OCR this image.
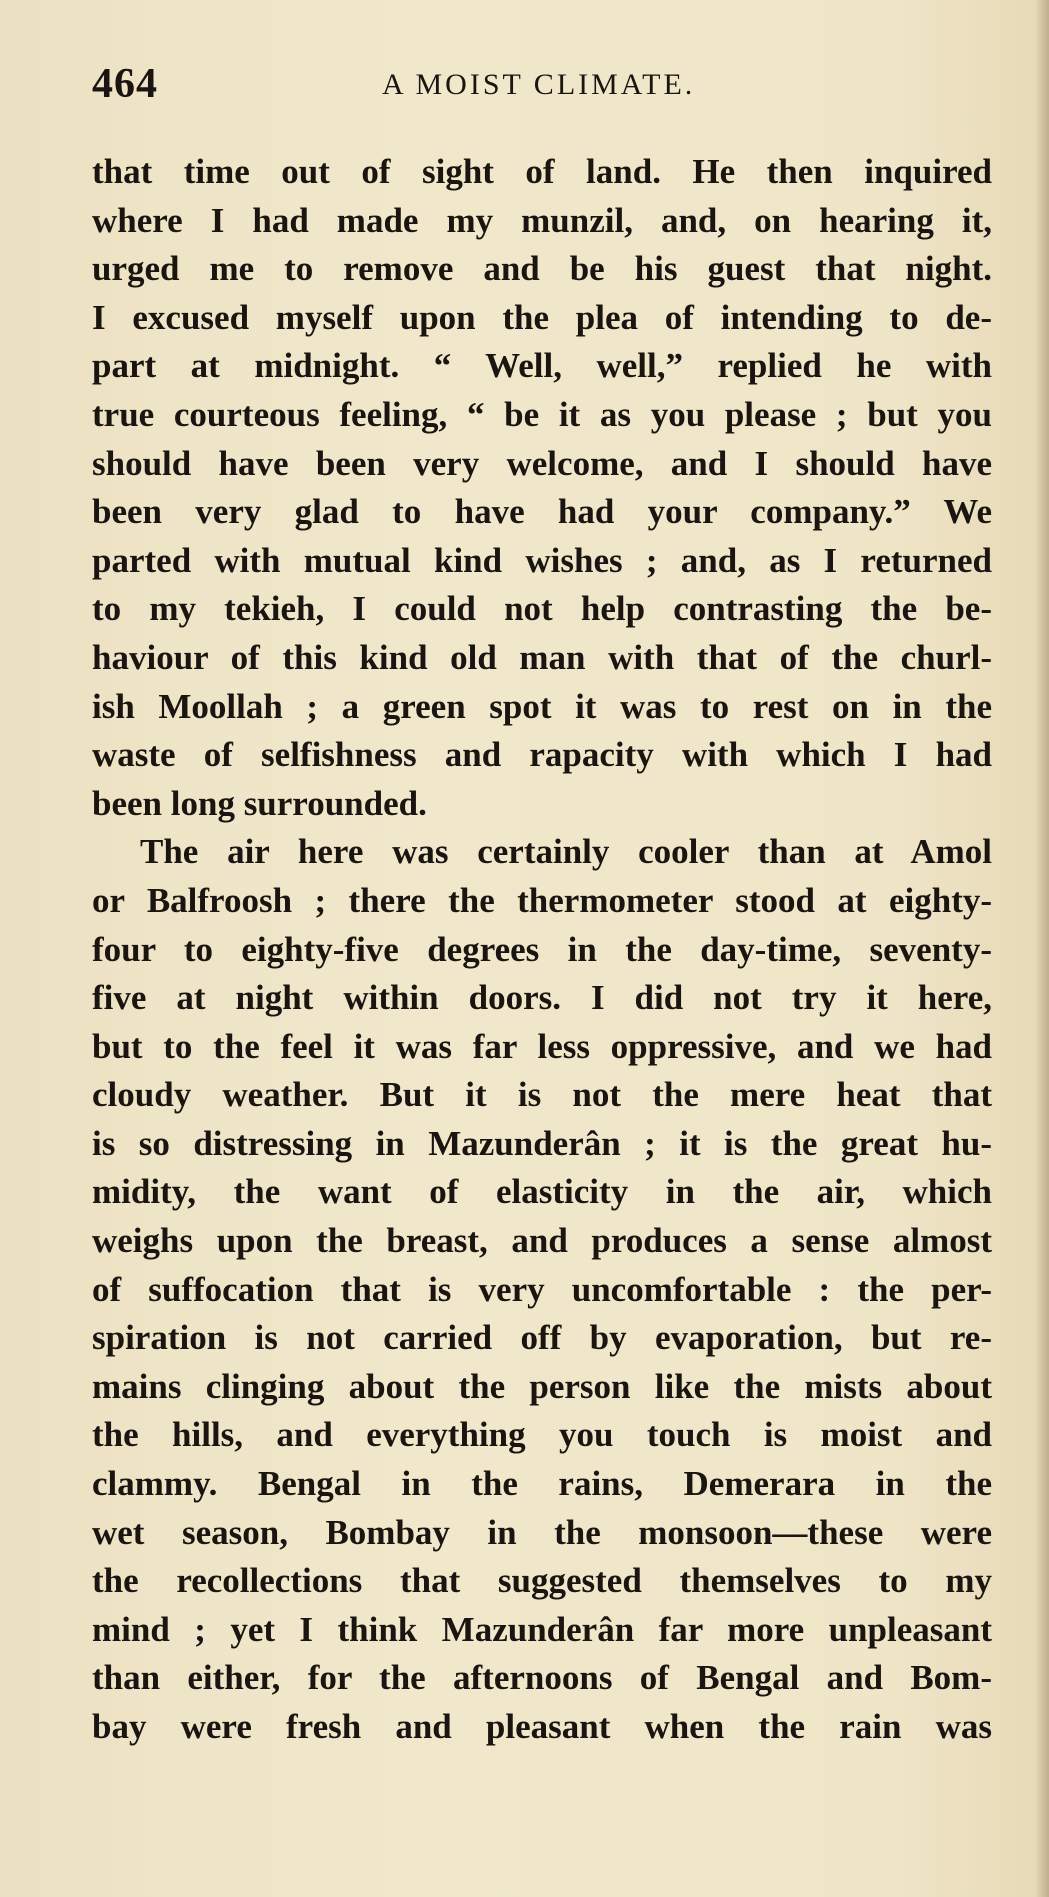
464	A MOIST CLIMATE.
that time out of sight of land. He then inquired
where I had made my munzil, and, on hearing it,
urged me to remove and be his guest that night.
I excused myself upon the plea of intending to de-
part at midnight. “ Well, well,” replied he with
true courteous feeling, “ be it as you please ; but you
should have been very welcome, and I should have
been very glad to have had your company.” We
parted with mutual kind wishes ; and, as I returned
to my tekieh, I could not help contrasting the be-
haviour of this kind old man with that of the churl-
ish Moollah ; a green spot it was to rest on in the
waste of selfishness and rapacity with which I had
been long surrounded.
The air here was certainly cooler than at Amol
or Balfroosh ; there the thermometer stood at eighty-
four to eighty-five degrees in the day-time, seventy-
five at night within doors. I did not try it here,
but to the feel it was far less oppressive, and we had
cloudy weather. But it is not the mere heat that
is so distressing in Mazunderân ; it is the great hu-
midity, the want of elasticity in the air, which
weighs upon the breast, and produces a sense almost
of suffocation that is very uncomfortable : the per-
spiration is not carried off by evaporation, but re-
mains clinging about the person like the mists about
the hills, and everything you touch is moist and
clammy. Bengal in the rains, Demerara in the
wet season, Bombay in the monsoon—these were
the recollections that suggested themselves to my
mind ; yet I think Mazunderân far more unpleasant
than either, for the afternoons of Bengal and Bom-
bay were fresh and pleasant when the rain was
